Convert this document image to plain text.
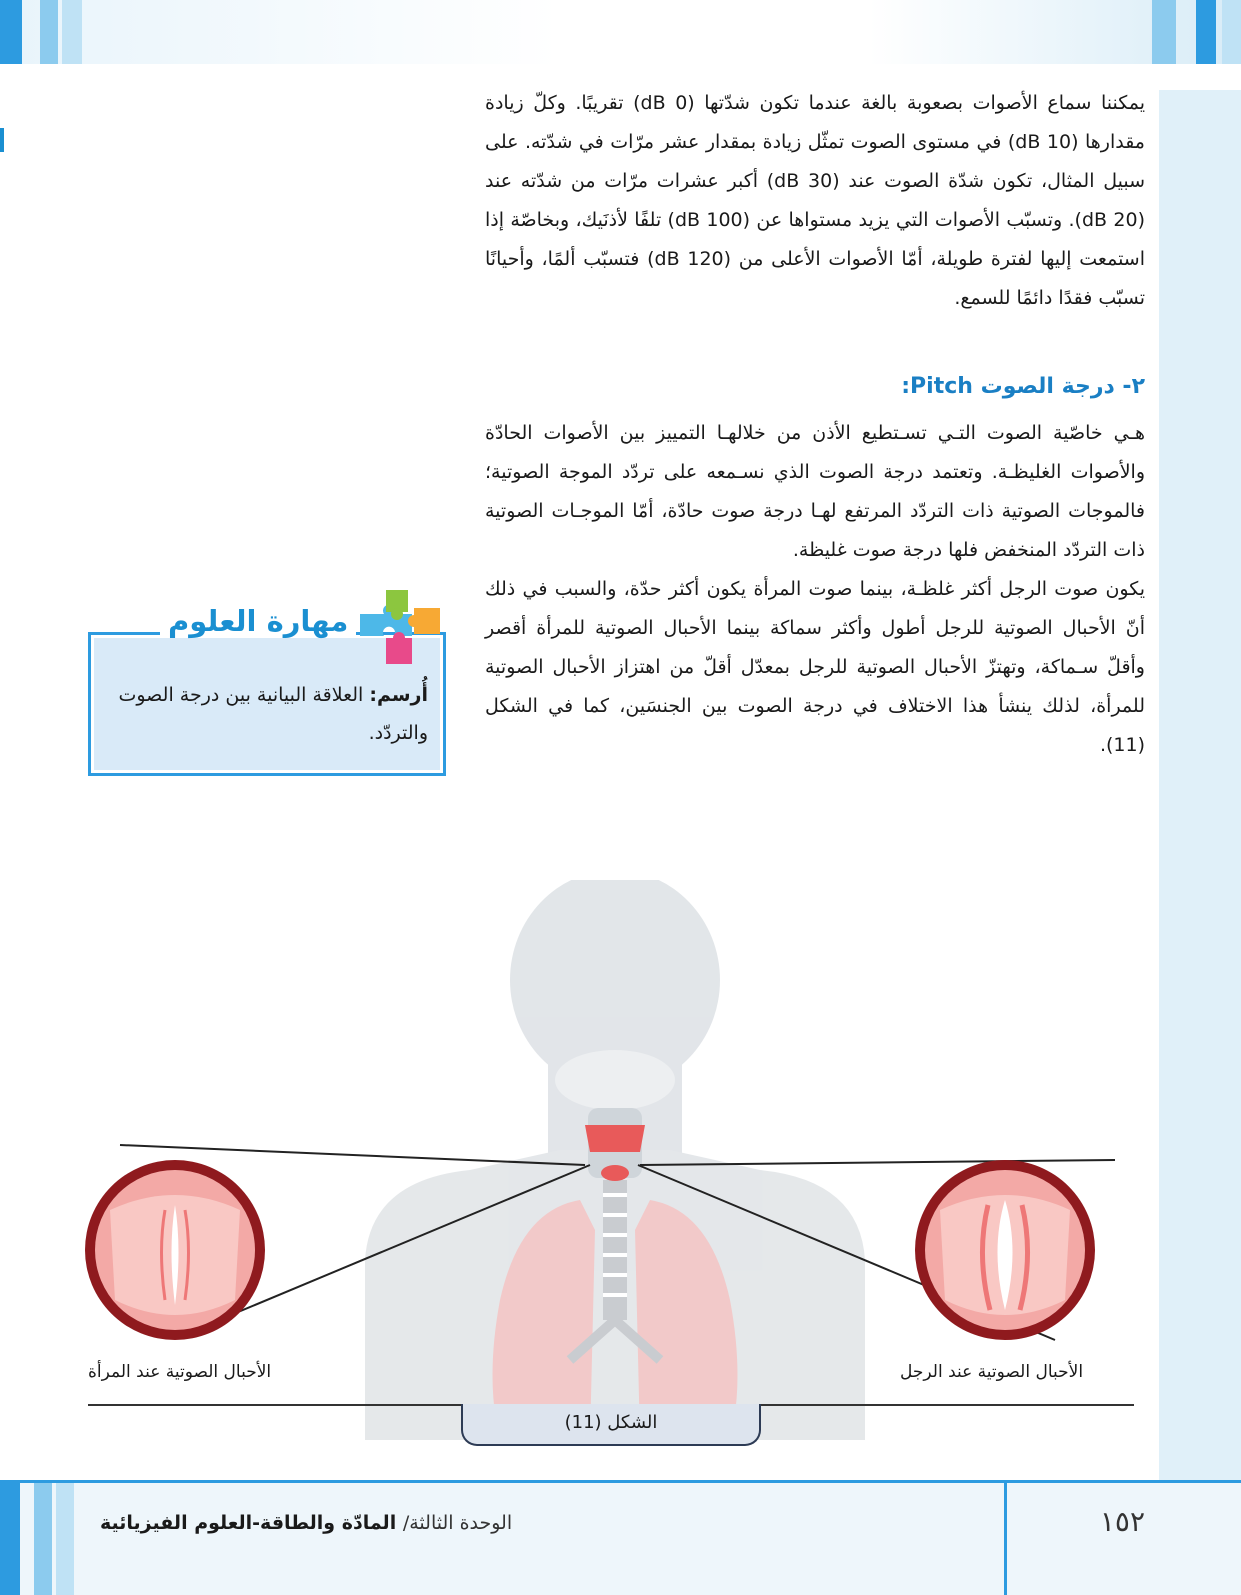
يمكننا سماع الأصوات بصعوبة بالغة عندما تكون شدّتها (0 dB) تقريبًا. وكلّ زيادة مقدارها (10 dB) في مستوى الصوت تمثّل زيادة بمقدار عشر مرّات في شدّته. على سبيل المثال، تكون شدّة الصوت عند (30 dB) أكبر عشرات مرّات من شدّته عند (20 dB). وتسبّب الأصوات التي يزيد مستواها عن (100 dB) تلفًا لأذنَيك، وبخاصّة إذا استمعت إليها لفترة طويلة، أمّا الأصوات الأعلى من (120 dB) فتسبّب ألمًا، وأحيانًا تسبّب فقدًا دائمًا للسمع.

٢- درجة الصوت Pitch:

هـي خاصّية الصوت التـي تسـتطيع الأذن من خلالهـا التمييز بين الأصوات الحادّة والأصوات الغليظـة. وتعتمد درجة الصوت الذي نسـمعه على تردّد الموجة الصوتية؛ فالموجات الصوتية ذات التردّد المرتفع لهـا درجة صوت حادّة، أمّا الموجـات الصوتية ذات التردّد المنخفض فلها درجة صوت غليظة.

يكون صوت الرجل أكثر غلظـة، بينما صوت المرأة يكون أكثر حدّة، والسبب في ذلك أنّ الأحبال الصوتية للرجل أطول وأكثر سماكة بينما الأحبال الصوتية للمرأة أقصر وأقلّ سـماكة، وتهتزّ الأحبال الصوتية للرجل بمعدّل أقلّ من اهتزاز الأحبال الصوتية للمرأة، لذلك ينشأ هذا الاختلاف في درجة الصوت بين الجنسَين، كما في الشكل (11).

مهارة العلوم
أُرسم: العلاقة البيانية بين درجة الصوت والتردّد.
الأحبال الصوتية عند المرأة	الأحبال الصوتية عند الرجل
الشكل (11)
الوحدة الثالثة/ المادّة والطاقة-العلوم الفيزيائية	١٥٢
